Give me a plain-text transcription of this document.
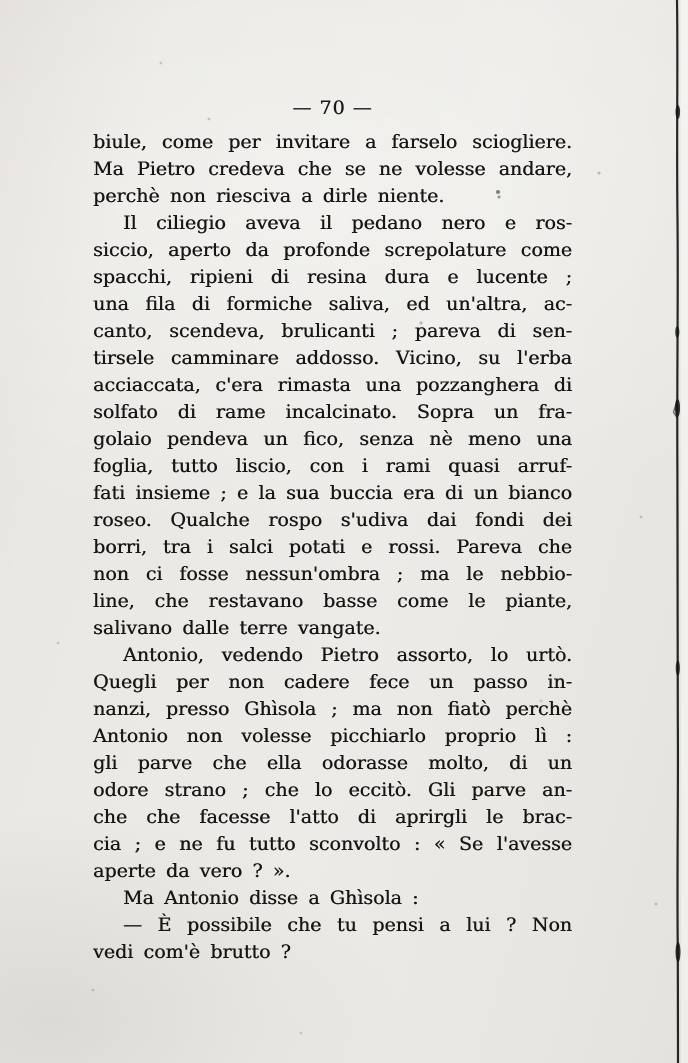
— 70 —
biule, come per invitare a farselo sciogliere.
Ma Pietro credeva che se ne volesse andare,
perchè non riesciva a dirle niente.
Il ciliegio aveva il pedano nero e ros-
siccio, aperto da profonde screpolature come
spacchi, ripieni di resina dura e lucente ;
una fila di formiche saliva, ed un'altra, ac-
canto, scendeva, brulicanti ; pareva di sen-
tirsele camminare addosso. Vicino, su l'erba
acciaccata, c'era rimasta una pozzanghera di
solfato di rame incalcinato. Sopra un fra-
golaio pendeva un fico, senza nè meno una
foglia, tutto liscio, con i rami quasi arruf-
fati insieme ; e la sua buccia era di un bianco
roseo. Qualche rospo s'udiva dai fondi dei
borri, tra i salci potati e rossi. Pareva che
non ci fosse nessun'ombra ; ma le nebbio-
line, che restavano basse come le piante,
salivano dalle terre vangate.
Antonio, vedendo Pietro assorto, lo urtò.
Quegli per non cadere fece un passo in-
nanzi, presso Ghìsola ; ma non fiatò perchè
Antonio non volesse picchiarlo proprio lì :
gli parve che ella odorasse molto, di un
odore strano ; che lo eccitò. Gli parve an-
che che facesse l'atto di aprirgli le brac-
cia ; e ne fu tutto sconvolto : « Se l'avesse
aperte da vero ? ».
Ma Antonio disse a Ghìsola :
— È possibile che tu pensi a lui ? Non
vedi com'è brutto ?
